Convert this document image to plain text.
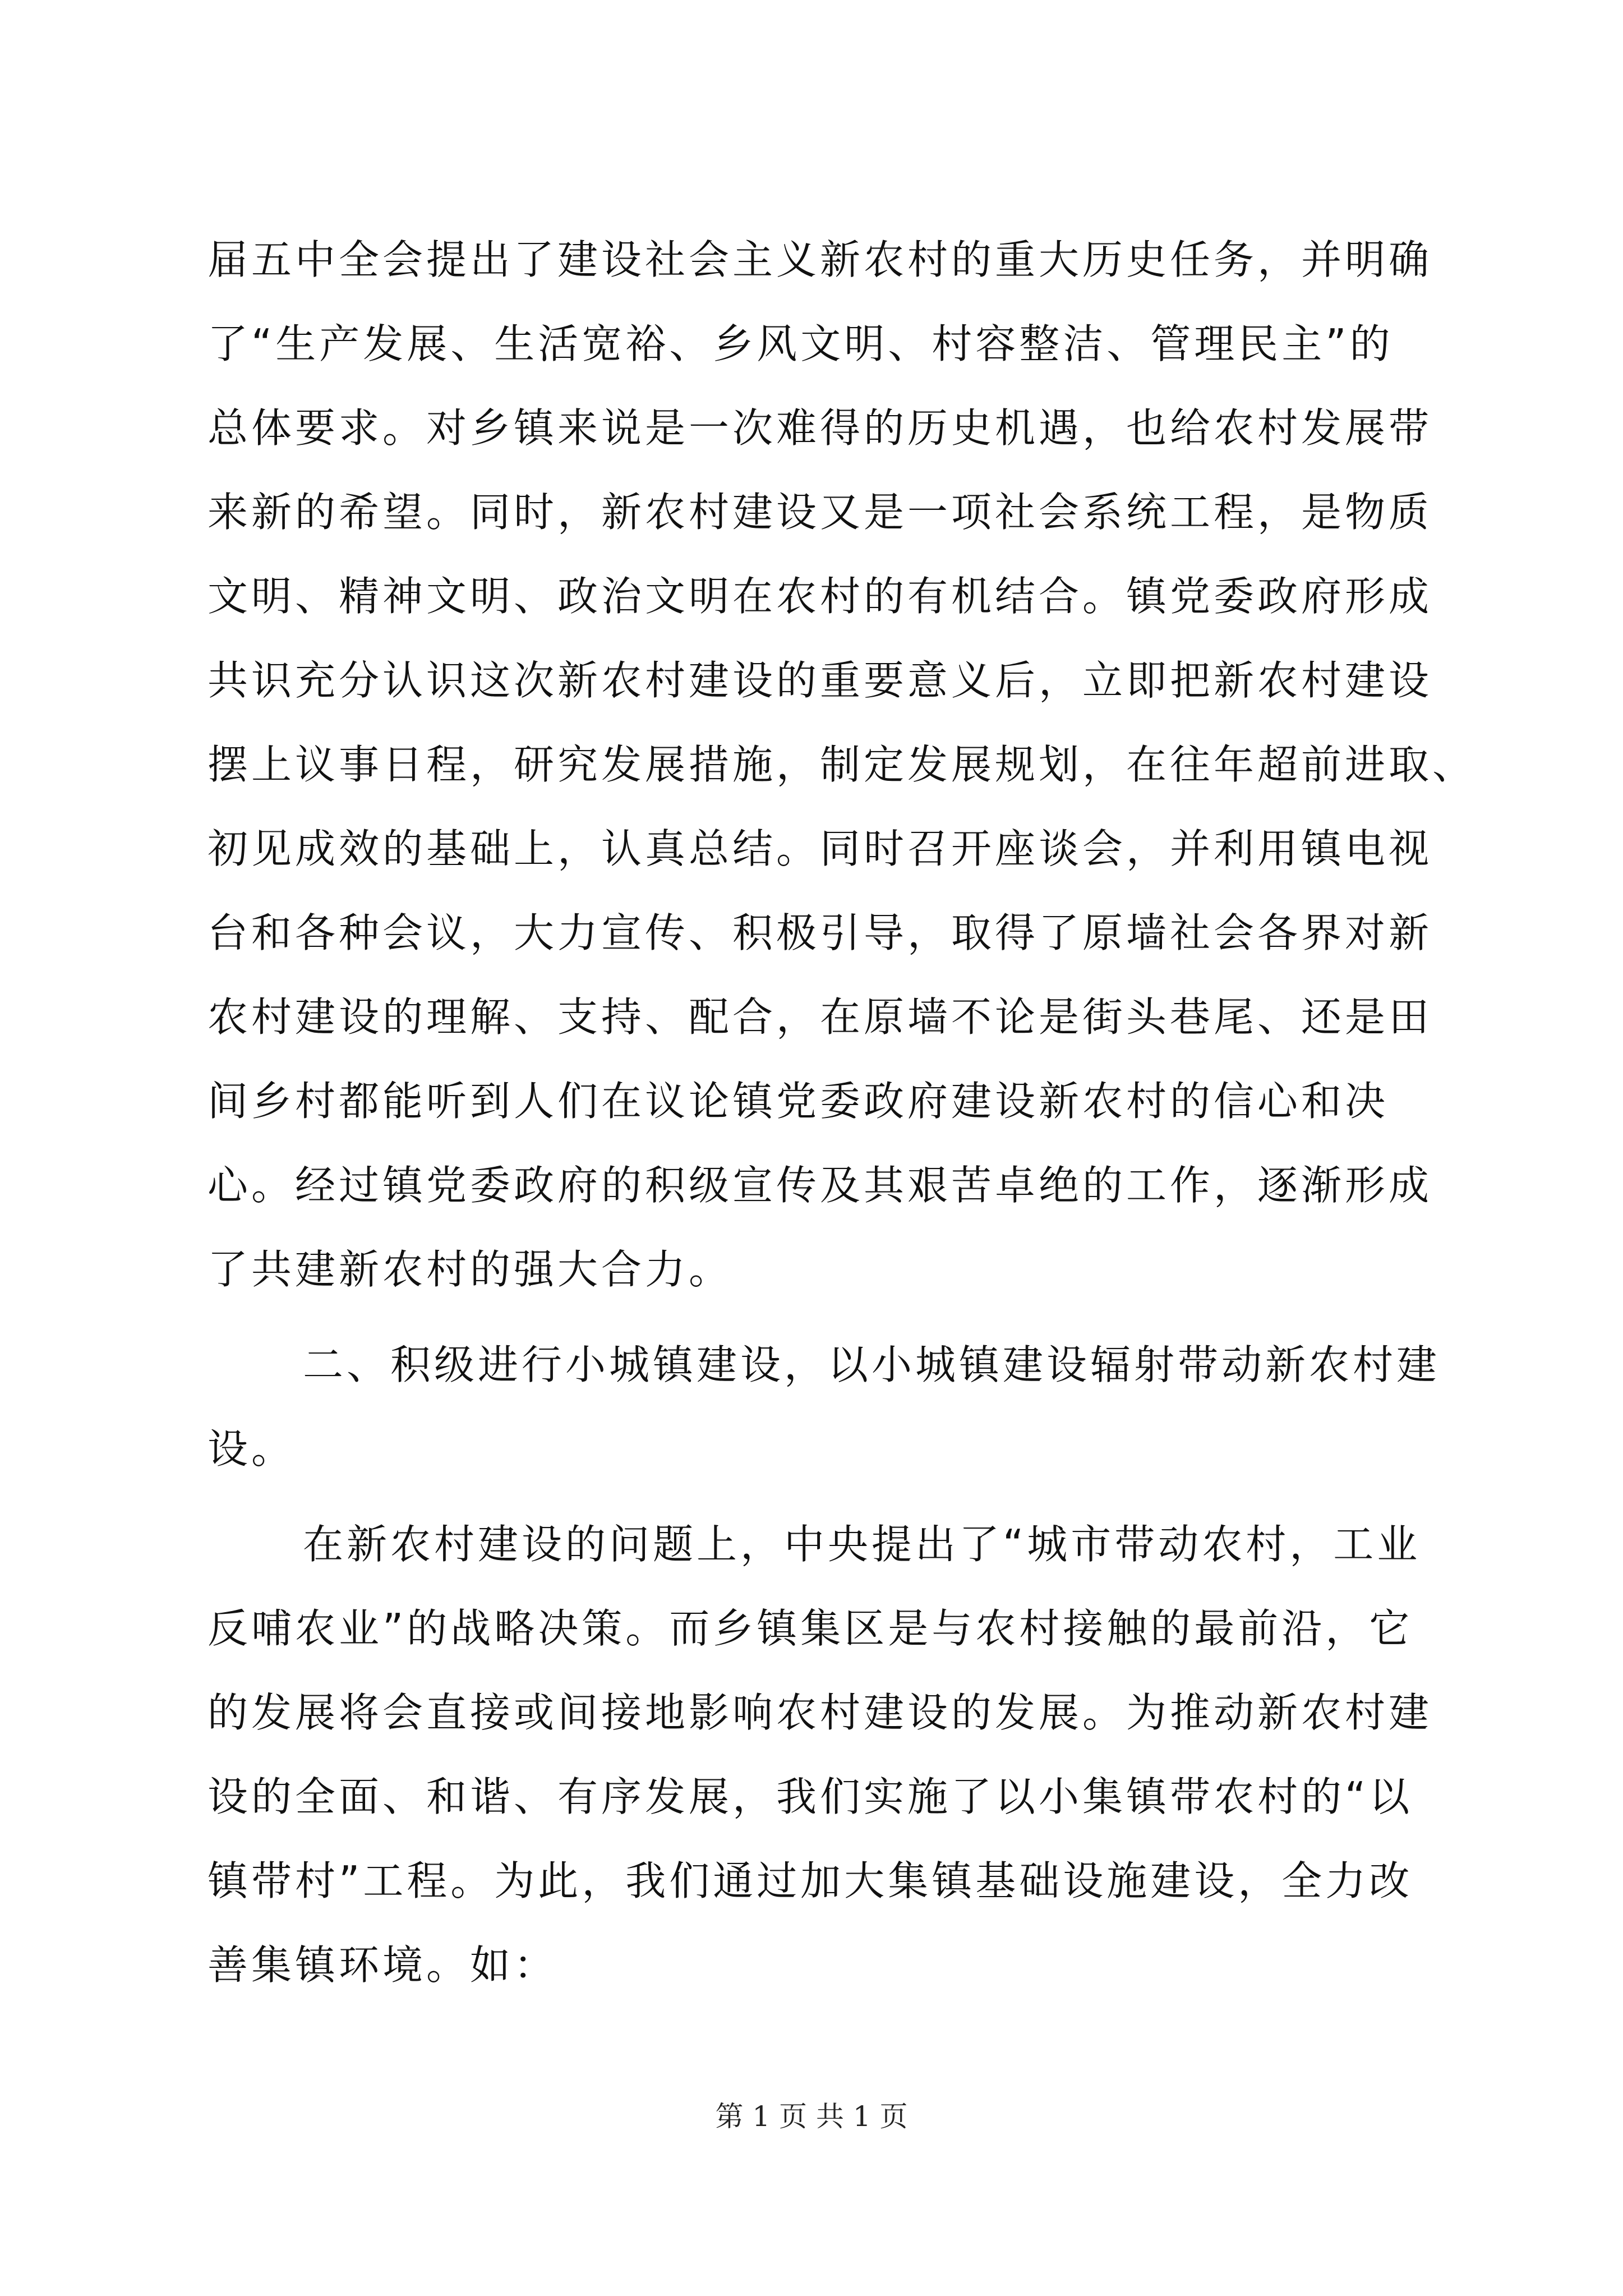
届五中全会提出了建设社会主义新农村的重大历史任务，并明确
了“生产发展、生活宽裕、乡风文明、村容整洁、管理民主”的
总体要求。对乡镇来说是一次难得的历史机遇，也给农村发展带
来新的希望。同时，新农村建设又是一项社会系统工程，是物质
文明、精神文明、政治文明在农村的有机结合。镇党委政府形成
共识充分认识这次新农村建设的重要意义后，立即把新农村建设
摆上议事日程，研究发展措施，制定发展规划，在往年超前进取、
初见成效的基础上，认真总结。同时召开座谈会，并利用镇电视
台和各种会议，大力宣传、积极引导，取得了原墙社会各界对新
农村建设的理解、支持、配合，在原墙不论是街头巷尾、还是田
间乡村都能听到人们在议论镇党委政府建设新农村的信心和决
心。经过镇党委政府的积级宣传及其艰苦卓绝的工作，逐渐形成
了共建新农村的强大合力。
二、积级进行小城镇建设，以小城镇建设辐射带动新农村建
设。
在新农村建设的问题上，中央提出了“城市带动农村，工业
反哺农业”的战略决策。而乡镇集区是与农村接触的最前沿，它
的发展将会直接或间接地影响农村建设的发展。为推动新农村建
设的全面、和谐、有序发展，我们实施了以小集镇带农村的“以
镇带村”工程。为此，我们通过加大集镇基础设施建设，全力改
善集镇环境。如：
第 1 页 共 1 页
